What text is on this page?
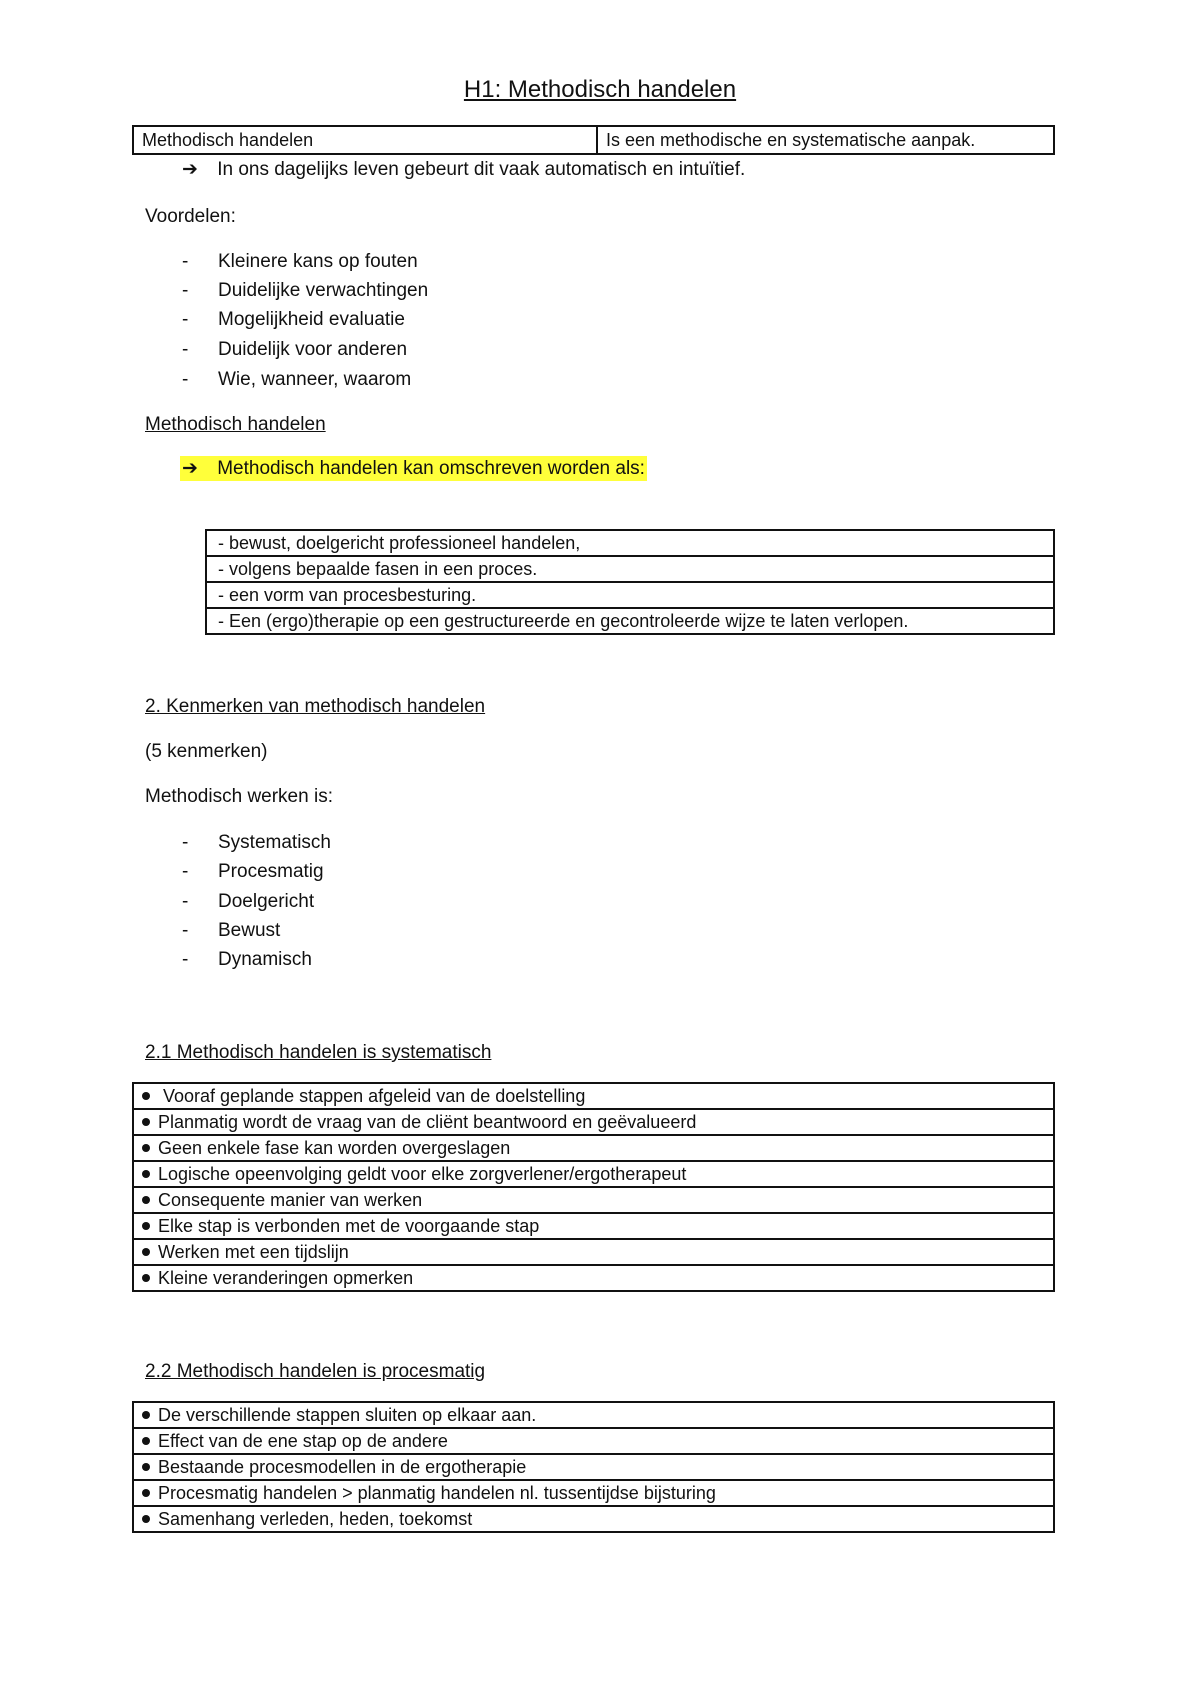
H1: Methodisch handelen
Methodisch handelen	Is een methodische en systematische aanpak.
➔ In ons dagelijks leven gebeurt dit vaak automatisch en intuïtief.
Voordelen:
- Kleinere kans op fouten
- Duidelijke verwachtingen
- Mogelijkheid evaluatie
- Duidelijk voor anderen
- Wie, wanneer, waarom
Methodisch handelen
➔ Methodisch handelen kan omschreven worden als:
- bewust, doelgericht professioneel handelen,
- volgens bepaalde fasen in een proces.
- een vorm van procesbesturing.
- Een (ergo)therapie op een gestructureerde en gecontroleerde wijze te laten verlopen.
2. Kenmerken van methodisch handelen
(5 kenmerken)
Methodisch werken is:
- Systematisch
- Procesmatig
- Doelgericht
- Bewust
- Dynamisch
2.1 Methodisch handelen is systematisch
Vooraf geplande stappen afgeleid van de doelstelling
Planmatig wordt de vraag van de cliënt beantwoord en geëvalueerd
Geen enkele fase kan worden overgeslagen
Logische opeenvolging geldt voor elke zorgverlener/ergotherapeut
Consequente manier van werken
Elke stap is verbonden met de voorgaande stap
Werken met een tijdslijn
Kleine veranderingen opmerken
2.2 Methodisch handelen is procesmatig
De verschillende stappen sluiten op elkaar aan.
Effect van de ene stap op de andere
Bestaande procesmodellen in de ergotherapie
Procesmatig handelen > planmatig handelen nl. tussentijdse bijsturing
Samenhang verleden, heden, toekomst
